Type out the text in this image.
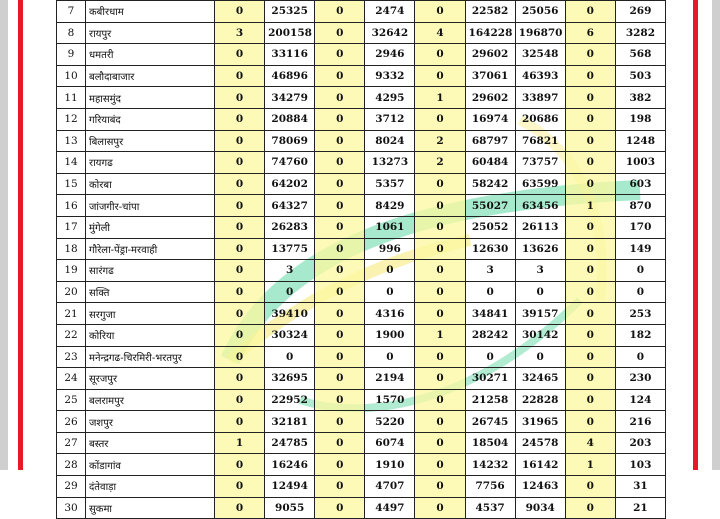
7	कबीरधाम	0	25325	0	2474	0	22582	25056	0	269
8	रायपुर	3	200158	0	32642	4	164228	196870	6	3282
9	धमतरी	0	33116	0	2946	0	29602	32548	0	568
10	बलौदाबाजार	0	46896	0	9332	0	37061	46393	0	503
11	महासमुंद	0	34279	0	4295	1	29602	33897	0	382
12	गरियाबंद	0	20884	0	3712	0	16974	20686	0	198
13	बिलासपुर	0	78069	0	8024	2	68797	76821	0	1248
14	रायगढ	0	74760	0	13273	2	60484	73757	0	1003
15	कोरबा	0	64202	0	5357	0	58242	63599	0	603
16	जांजगीर-चांपा	0	64327	0	8429	0	55027	63456	1	870
17	मुंगेली	0	26283	0	1061	0	25052	26113	0	170
18	गौरेला-पेंड्रा-मरवाही	0	13775	0	996	0	12630	13626	0	149
19	सारंगढ	0	3	0	0	0	3	3	0	0
20	सक्ति	0	0	0	0	0	0	0	0	0
21	सरगुजा	0	39410	0	4316	0	34841	39157	0	253
22	कोरिया	0	30324	0	1900	1	28242	30142	0	182
23	मनेन्द्रगढ-चिरमिरी-भरतपुर	0	0	0	0	0	0	0	0	0
24	सूरजपुर	0	32695	0	2194	0	30271	32465	0	230
25	बलरामपुर	0	22952	0	1570	0	21258	22828	0	124
26	जशपुर	0	32181	0	5220	0	26745	31965	0	216
27	बस्तर	1	24785	0	6074	0	18504	24578	4	203
28	कोंडागांव	0	16246	0	1910	0	14232	16142	1	103
29	दंतेवाड़ा	0	12494	0	4707	0	7756	12463	0	31
30	सुकमा	0	9055	0	4497	0	4537	9034	0	21
